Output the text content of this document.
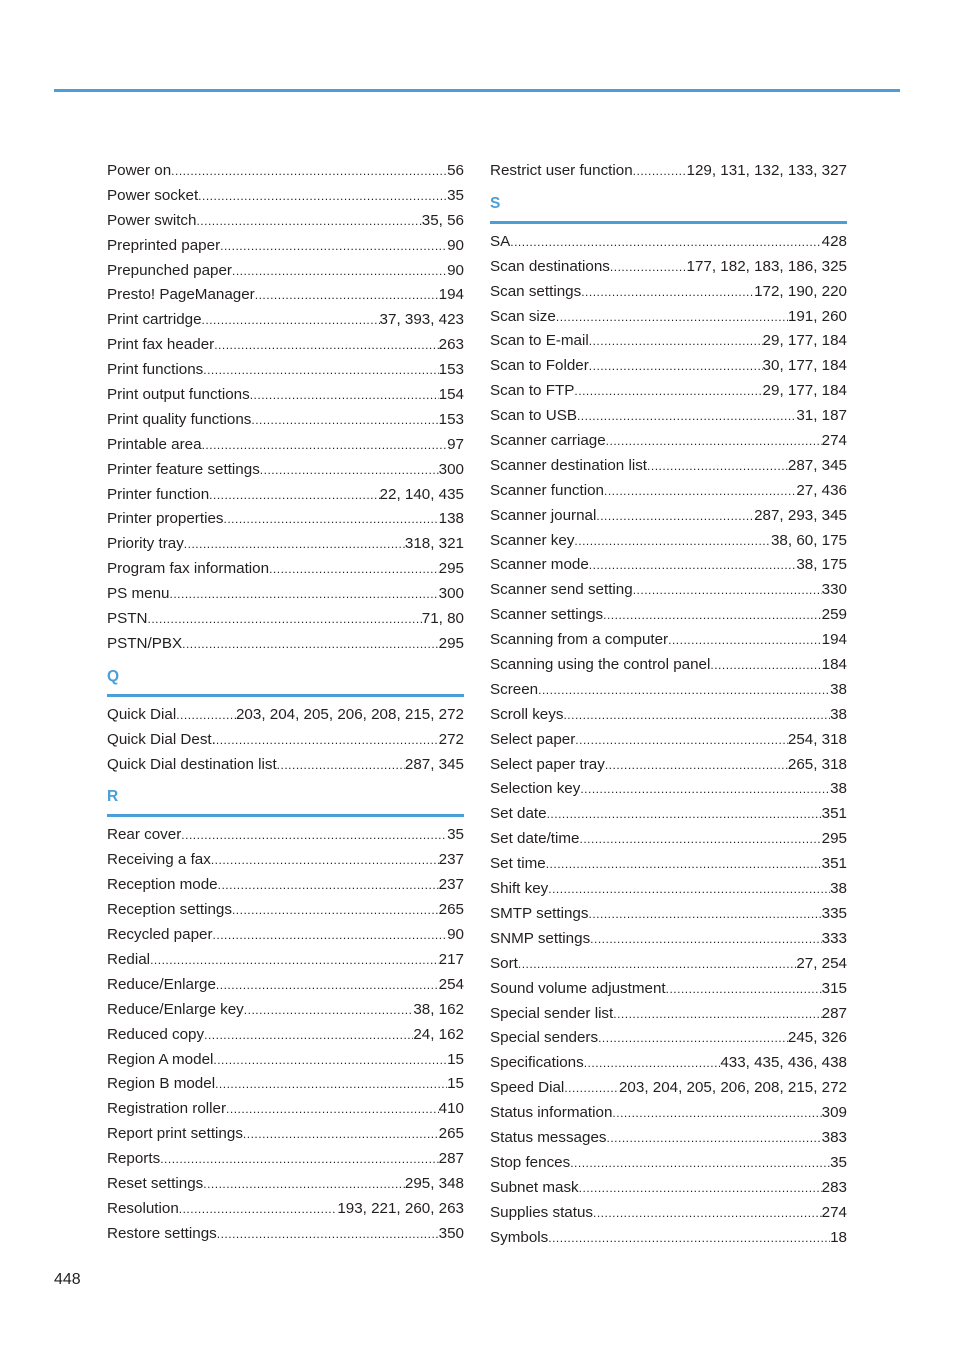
Power on .....	56
Power socket .....	35
Power switch .....	35, 56
Preprinted paper .....	90
Prepunched paper .....	90
Presto! PageManager .....	194
Print cartridge .....	37, 393, 423
Print fax header .....	263
Print functions .....	153
Print output functions .....	154
Print quality functions .....	153
Printable area .....	97
Printer feature settings .....	300
Printer function .....	22, 140, 435
Printer properties .....	138
Priority tray .....	318, 321
Program fax information .....	295
PS menu .....	300
PSTN .....	71, 80
PSTN/PBX .....	295
Q
Quick Dial .....	203, 204, 205, 206, 208, 215, 272
Quick Dial Dest. .....	272
Quick Dial destination list .....	287, 345
R
Rear cover .....	35
Receiving a fax .....	237
Reception mode .....	237
Reception settings .....	265
Recycled paper .....	90
Redial .....	217
Reduce/Enlarge .....	254
Reduce/Enlarge key .....	38, 162
Reduced copy .....	24, 162
Region A model .....	15
Region B model .....	15
Registration roller .....	410
Report print settings .....	265
Reports .....	287
Reset settings .....	295, 348
Resolution .....	193, 221, 260, 263
Restore settings .....	350
Restrict user function .....	129, 131, 132, 133, 327
S
SA .....	428
Scan destinations .....	177, 182, 183, 186, 325
Scan settings .....	172, 190, 220
Scan size .....	191, 260
Scan to E-mail .....	29, 177, 184
Scan to Folder .....	30, 177, 184
Scan to FTP .....	29, 177, 184
Scan to USB .....	31, 187
Scanner carriage .....	274
Scanner destination list .....	287, 345
Scanner function .....	27, 436
Scanner journal .....	287, 293, 345
Scanner key .....	38, 60, 175
Scanner mode .....	38, 175
Scanner send setting .....	330
Scanner settings .....	259
Scanning from a computer .....	194
Scanning using the control panel .....	184
Screen .....	38
Scroll keys .....	38
Select paper .....	254, 318
Select paper tray .....	265, 318
Selection key .....	38
Set date .....	351
Set date/time .....	295
Set time .....	351
Shift key .....	38
SMTP settings .....	335
SNMP settings .....	333
Sort .....	27, 254
Sound volume adjustment .....	315
Special sender list .....	287
Special senders .....	245, 326
Specifications .....	433, 435, 436, 438
Speed Dial .....	203, 204, 205, 206, 208, 215, 272
Status information .....	309
Status messages .....	383
Stop fences .....	35
Subnet mask .....	283
Supplies status .....	274
Symbols .....	18
448
